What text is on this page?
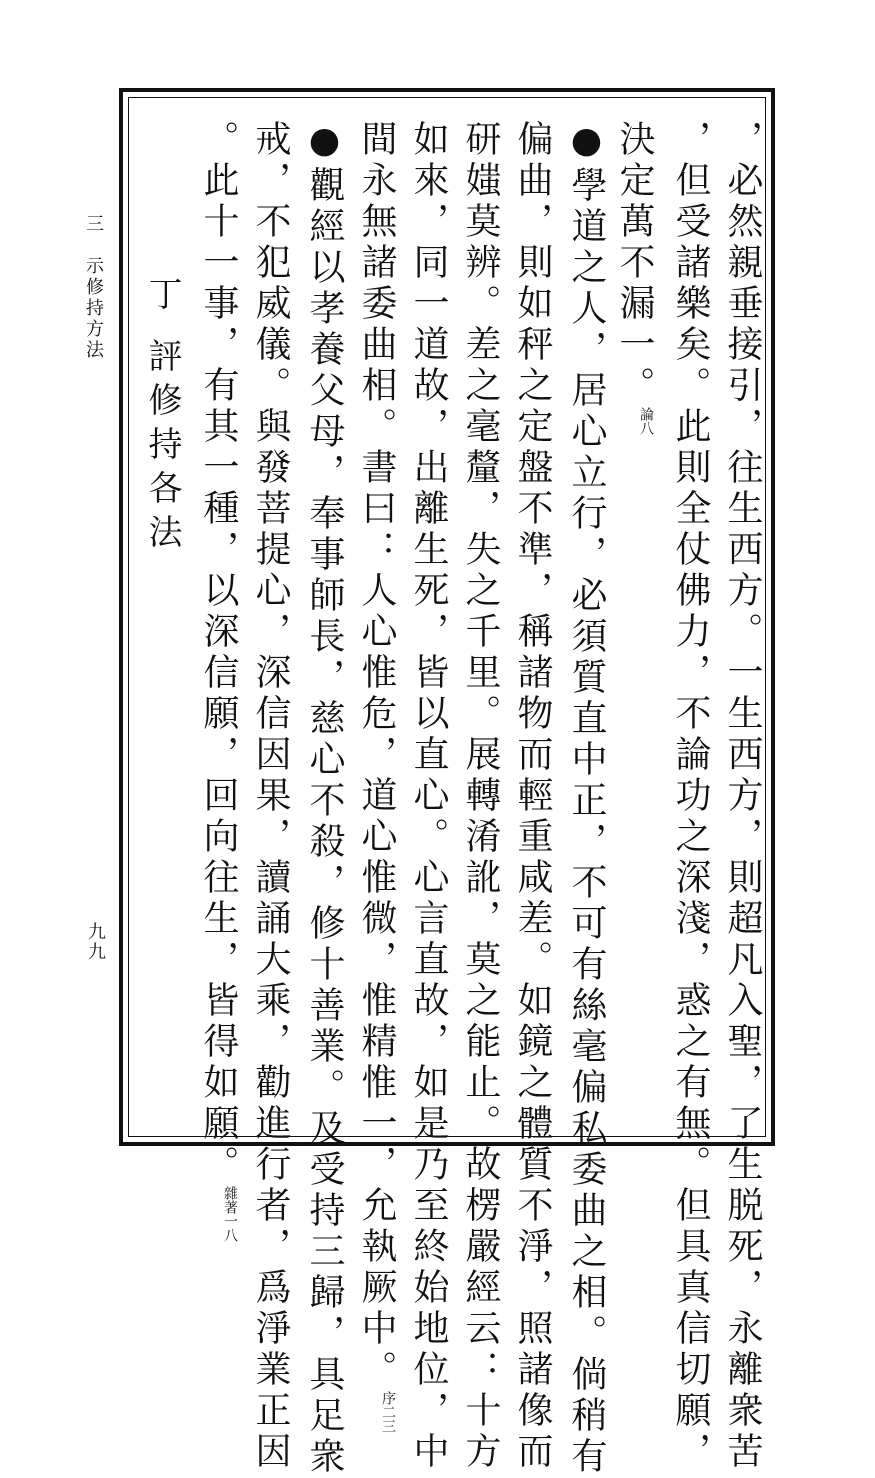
三　示修持方法
九九	，必然親垂接引，往生西方。一生西方，則超凡入聖，了生脱死，永離衆苦
，但受諸樂矣。此則全仗佛力，不論功之深淺，惑之有無。但具真信切願，
決定萬不漏一。論八
●學道之人，居心立行，必須質直中正，不可有絲毫偏私委曲之相。倘稍有
偏曲，則如秤之定盤不準，稱諸物而輕重咸差。如鏡之體質不淨，照諸像而
研媸莫辨。差之毫釐，失之千里。展轉淆訛，莫之能止。故楞嚴經云：十方
如來，同一道故，出離生死，皆以直心。心言直故，如是乃至終始地位，中
間永無諸委曲相。書曰：人心惟危，道心惟微，惟精惟一，允執厥中。序二三
●觀經以孝養父母，奉事師長，慈心不殺，修十善業。及受持三歸，具足衆
戒，不犯威儀。與發菩提心，深信因果，讀誦大乘，勸進行者，爲淨業正因
。此十一事，有其一種，以深信願，回向往生，皆得如願。雜著一八
丁
評修持各法
